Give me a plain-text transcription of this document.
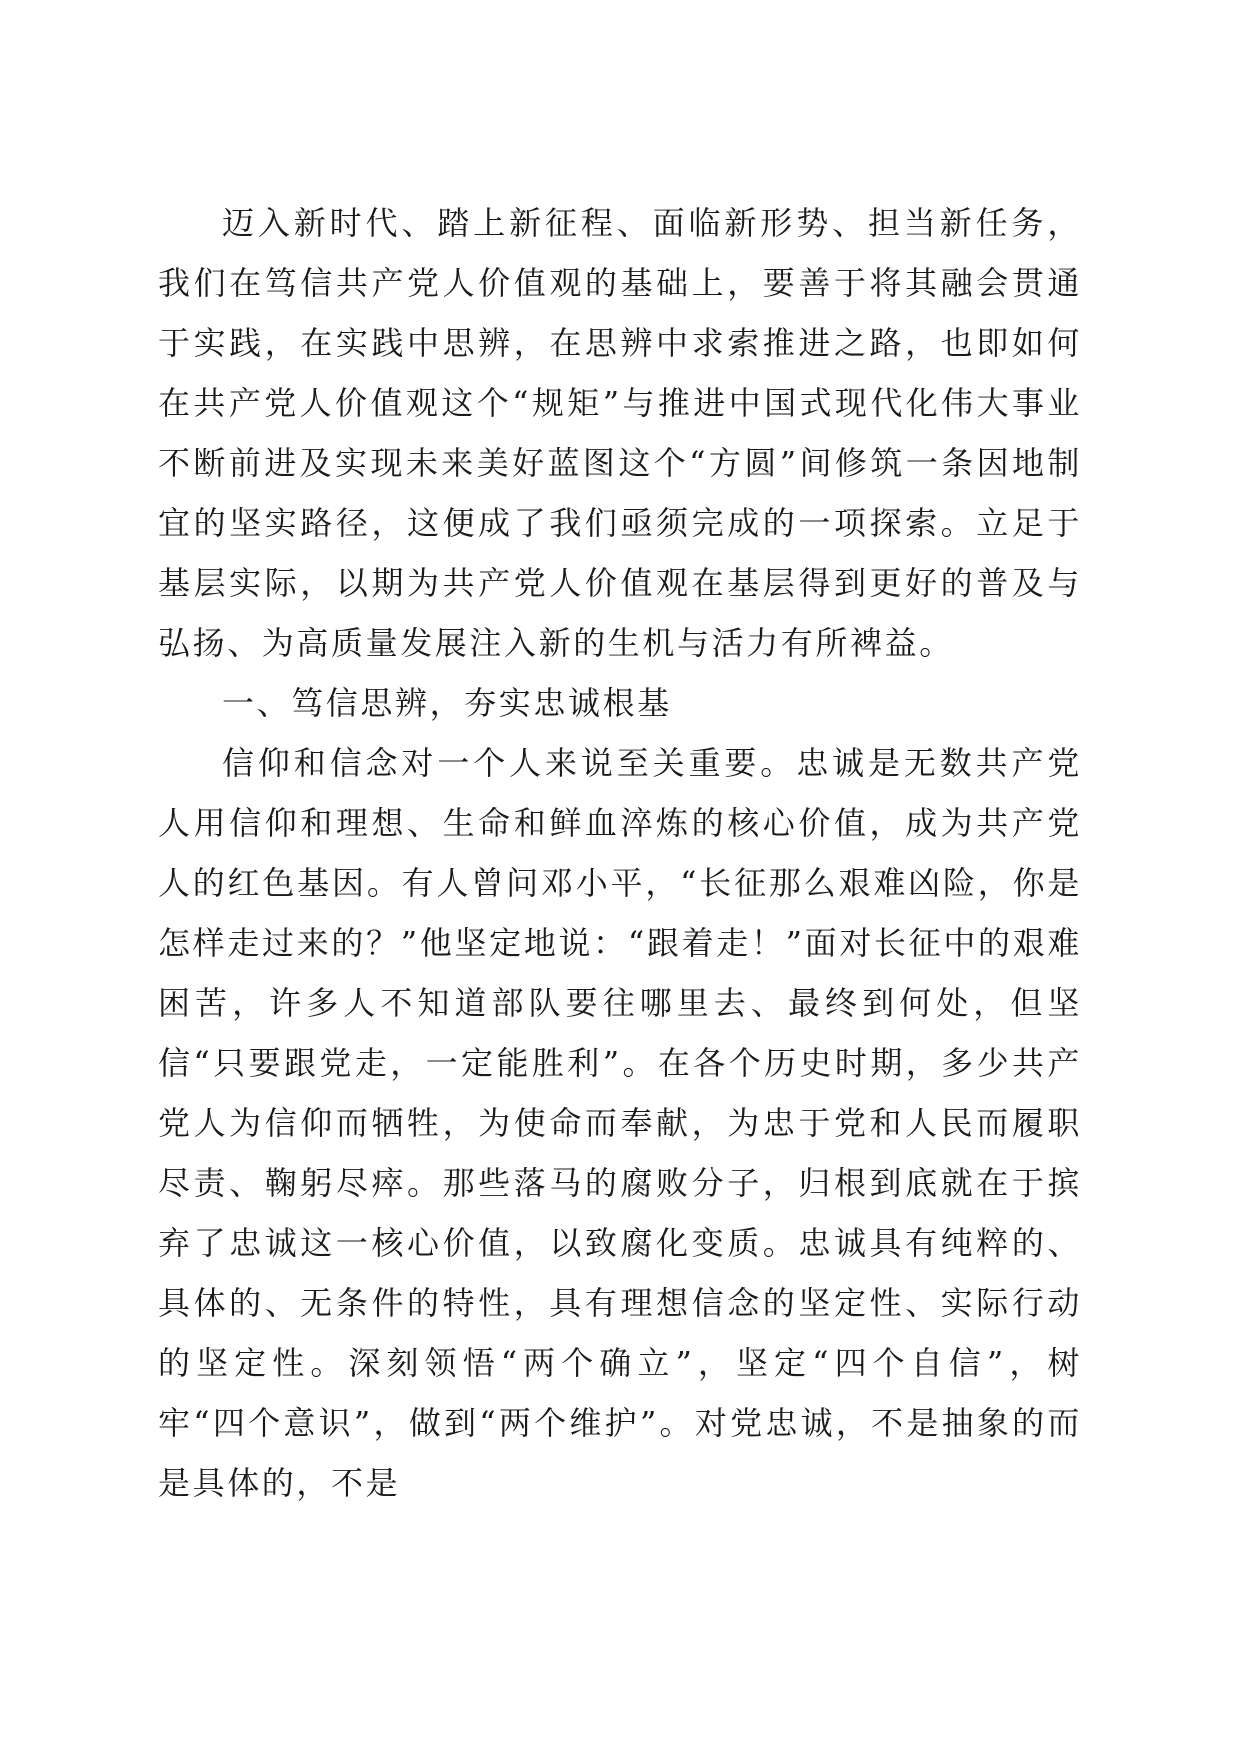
迈入新时代、踏上新征程、面临新形势、担当新任务，我们在笃信共产党人价值观的基础上，要善于将其融会贯通于实践，在实践中思辨，在思辨中求索推进之路，也即如何在共产党人价值观这个“规矩”与推进中国式现代化伟大事业不断前进及实现未来美好蓝图这个“方圆”间修筑一条因地制宜的坚实路径，这便成了我们亟须完成的一项探索。立足于基层实际，以期为共产党人价值观在基层得到更好的普及与弘扬、为高质量发展注入新的生机与活力有所裨益。

一、笃信思辨，夯实忠诚根基

信仰和信念对一个人来说至关重要。忠诚是无数共产党人用信仰和理想、生命和鲜血淬炼的核心价值，成为共产党人的红色基因。有人曾问邓小平，“长征那么艰难凶险，你是怎样走过来的？”他坚定地说：“跟着走！”面对长征中的艰难困苦，许多人不知道部队要往哪里去、最终到何处，但坚信“只要跟党走，一定能胜利”。在各个历史时期，多少共产党人为信仰而牺牲，为使命而奉献，为忠于党和人民而履职尽责、鞠躬尽瘁。那些落马的腐败分子，归根到底就在于摈弃了忠诚这一核心价值，以致腐化变质。忠诚具有纯粹的、具体的、无条件的特性，具有理想信念的坚定性、实际行动的坚定性。深刻领悟“两个确立”，坚定“四个自信”，树牢“四个意识”，做到“两个维护”。对党忠诚，不是抽象的而是具体的，不是
